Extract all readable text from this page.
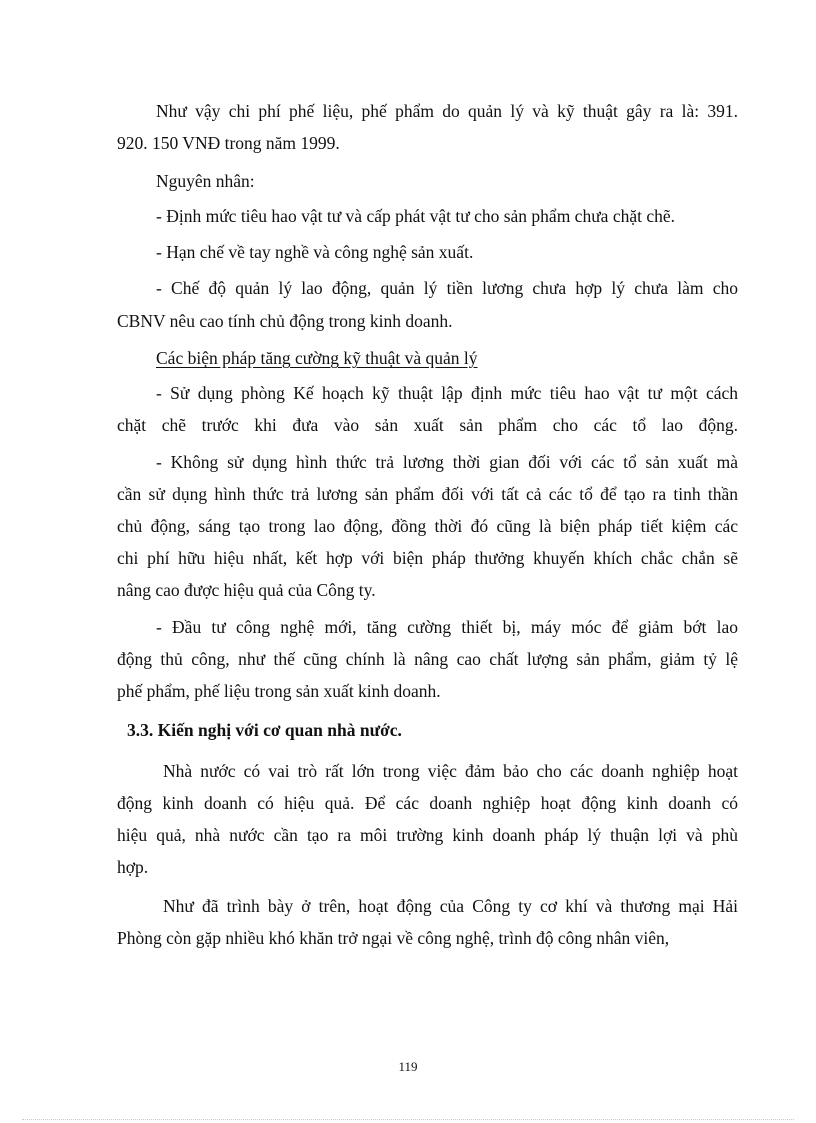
Như vậy chi phí phế liệu, phế phẩm do quản lý và kỹ thuật gây ra là: 391.
920. 150 VNĐ trong năm 1999.
Nguyên nhân:
- Định mức tiêu hao vật tư và cấp phát vật tư cho sản phẩm chưa chặt chẽ.
- Hạn chế về tay nghề và công nghệ sản xuất.
- Chế độ quản lý lao động, quản lý tiền lương chưa hợp lý chưa làm cho
CBNV nêu cao tính chủ động trong kinh doanh.
Các biện pháp tăng cường kỹ thuật và quản lý
- Sử dụng phòng Kế hoạch kỹ thuật lập định mức tiêu hao vật tư một cách
chặt chẽ trước khi đưa vào sản xuất sản phẩm cho các tổ lao động.
- Không sử dụng hình thức trả lương thời gian đối với các tổ sản xuất mà
cần sử dụng hình thức trả lương sản phẩm đối với tất cả các tổ để tạo ra tinh thần
chủ động, sáng tạo trong lao động, đồng thời đó cũng là biện pháp tiết kiệm các
chi phí hữu hiệu nhất, kết hợp với biện pháp thưởng khuyến khích chắc chắn sẽ
nâng cao được hiệu quả của Công ty.
- Đầu tư công nghệ mới, tăng cường thiết bị, máy móc để giảm bớt lao
động thủ công, như thế cũng chính là nâng cao chất lượng sản phẩm, giảm tỷ lệ
phế phẩm, phế liệu trong sản xuất kinh doanh.
3.3. Kiến nghị với cơ quan nhà nước.
Nhà nước có vai trò rất lớn trong việc đảm bảo cho các doanh nghiệp hoạt
động kinh doanh có hiệu quả. Để các doanh nghiệp hoạt động kinh doanh có
hiệu quả, nhà nước cần tạo ra môi trường kinh doanh pháp lý thuận lợi và phù
hợp.
Như đã trình bày ở trên, hoạt động của Công ty cơ khí và thương mại Hải
Phòng còn gặp nhiều khó khăn trở ngại về công nghệ, trình độ công nhân viên,
119
